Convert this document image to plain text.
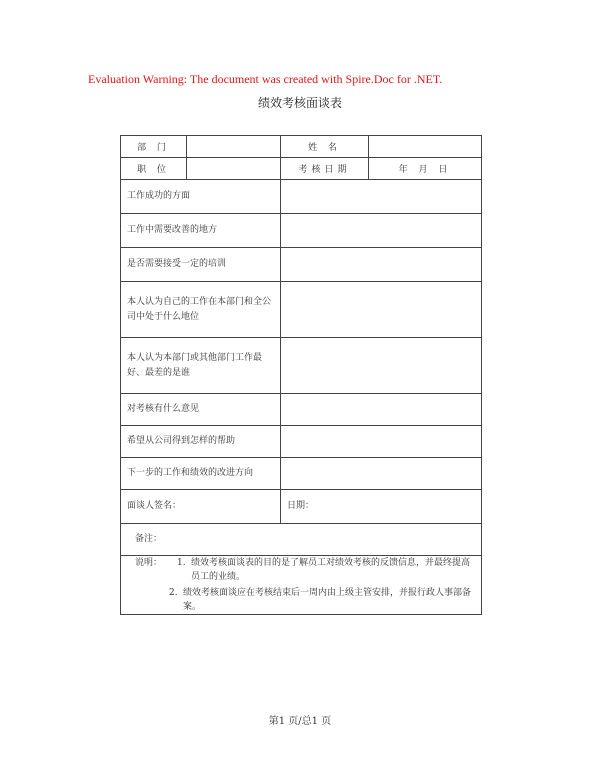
Evaluation Warning: The document was created with Spire.Doc for .NET.
绩效考核面谈表
部 门		姓 名	
职 位		考核日期	年 月 日
工作成功的方面			
工作中需要改善的地方			
是否需要接受一定的培训			
本人认为自己的工作在本部门和全公司中处于什么地位			
本人认为本部门或其他部门工作最好、最差的是谁			
对考核有什么意见			
希望从公司得到怎样的帮助			
下一步的工作和绩效的改进方向			
面谈人签名：		日期：	
备注：			

说明： 1. 绩效考核面谈表的目的是了解员工对绩效考核的反馈信息，并最终提高员工的业绩。
2. 绩效考核面谈应在考核结束后一周内由上级主管安排，并报行政人事部备案。			
第1 页/总1 页
